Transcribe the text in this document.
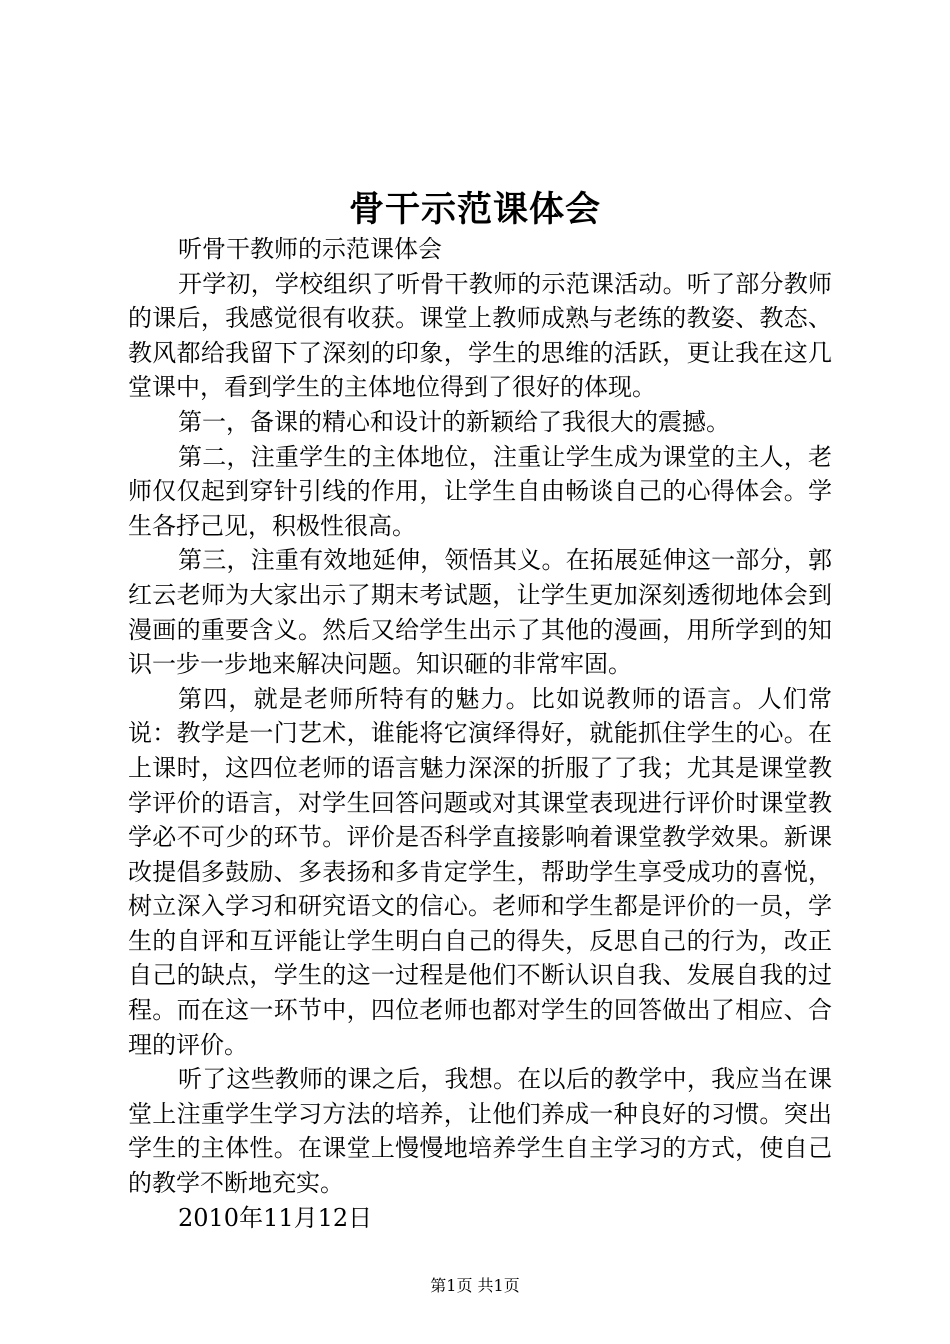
骨干示范课体会

听骨干教师的示范课体会

开学初，学校组织了听骨干教师的示范课活动。听了部分教师的课后，我感觉很有收获。课堂上教师成熟与老练的教姿、教态、教风都给我留下了深刻的印象，学生的思维的活跃，更让我在这几堂课中，看到学生的主体地位得到了很好的体现。

第一，备课的精心和设计的新颖给了我很大的震撼。

第二，注重学生的主体地位，注重让学生成为课堂的主人，老师仅仅起到穿针引线的作用，让学生自由畅谈自己的心得体会。学生各抒己见，积极性很高。

第三，注重有效地延伸，领悟其义。在拓展延伸这一部分，郭红云老师为大家出示了期末考试题，让学生更加深刻透彻地体会到漫画的重要含义。然后又给学生出示了其他的漫画，用所学到的知识一步一步地来解决问题。知识砸的非常牢固。

第四，就是老师所特有的魅力。比如说教师的语言。人们常说：教学是一门艺术，谁能将它演绎得好，就能抓住学生的心。在上课时，这四位老师的语言魅力深深的折服了了我；尤其是课堂教学评价的语言，对学生回答问题或对其课堂表现进行评价时课堂教学必不可少的环节。评价是否科学直接影响着课堂教学效果。新课改提倡多鼓励、多表扬和多肯定学生，帮助学生享受成功的喜悦，树立深入学习和研究语文的信心。老师和学生都是评价的一员，学生的自评和互评能让学生明白自己的得失，反思自己的行为，改正自己的缺点，学生的这一过程是他们不断认识自我、发展自我的过程。而在这一环节中，四位老师也都对学生的回答做出了相应、合理的评价。

听了这些教师的课之后，我想。在以后的教学中，我应当在课堂上注重学生学习方法的培养，让他们养成一种良好的习惯。突出学生的主体性。在课堂上慢慢地培养学生自主学习的方式，使自己的教学不断地充实。

2010年11月12日

第1页 共1页
